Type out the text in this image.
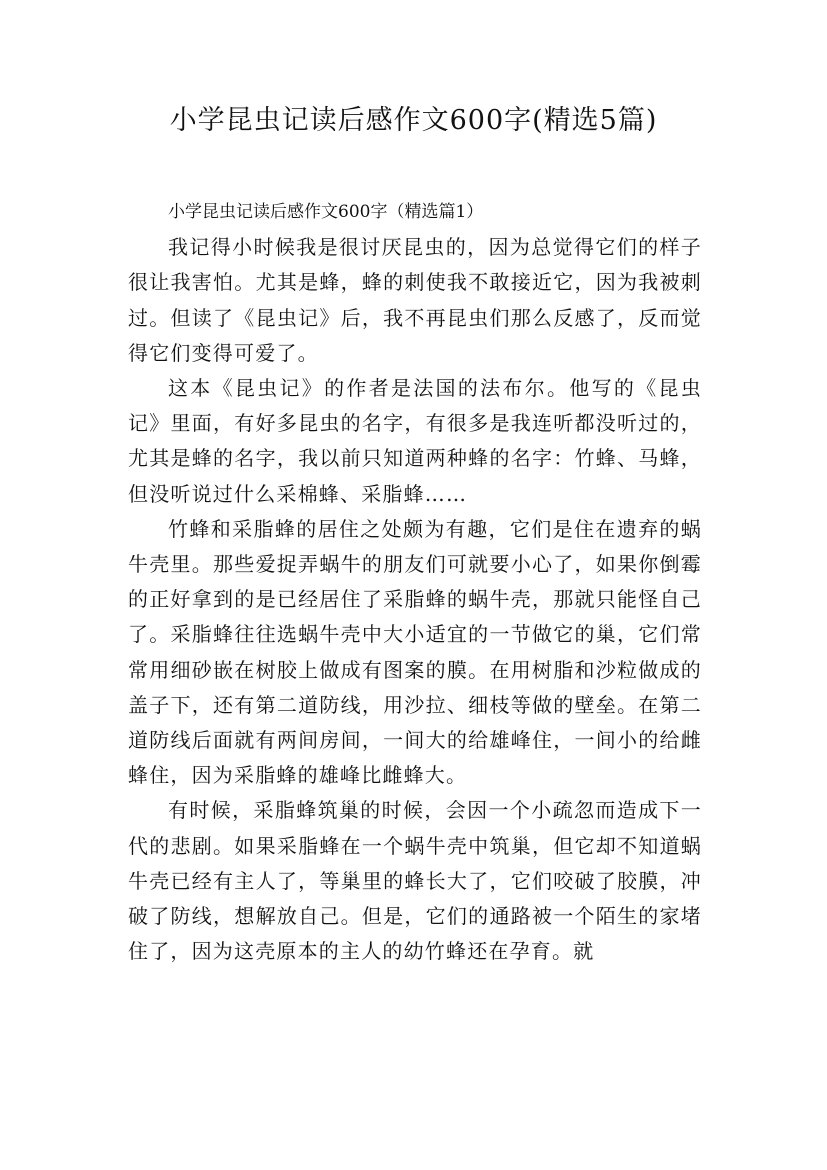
小学昆虫记读后感作文600字(精选5篇)
小学昆虫记读后感作文600字（精选篇1）

我记得小时候我是很讨厌昆虫的，因为总觉得它们的样子很让我害怕。尤其是蜂，蜂的刺使我不敢接近它，因为我被刺过。但读了《昆虫记》后，我不再昆虫们那么反感了，反而觉得它们变得可爱了。

这本《昆虫记》的作者是法国的法布尔。他写的《昆虫记》里面，有好多昆虫的名字，有很多是我连听都没听过的，尤其是蜂的名字，我以前只知道两种蜂的名字：竹蜂、马蜂，但没听说过什么采棉蜂、采脂蜂……

竹蜂和采脂蜂的居住之处颇为有趣，它们是住在遗弃的蜗牛壳里。那些爱捉弄蜗牛的朋友们可就要小心了，如果你倒霉的正好拿到的是已经居住了采脂蜂的蜗牛壳，那就只能怪自己了。采脂蜂往往选蜗牛壳中大小适宜的一节做它的巢，它们常常用细砂嵌在树胶上做成有图案的膜。在用树脂和沙粒做成的盖子下，还有第二道防线，用沙拉、细枝等做的壁垒。在第二道防线后面就有两间房间，一间大的给雄峰住，一间小的给雌蜂住，因为采脂蜂的雄峰比雌蜂大。

有时候，采脂蜂筑巢的时候，会因一个小疏忽而造成下一代的悲剧。如果采脂蜂在一个蜗牛壳中筑巢，但它却不知道蜗牛壳已经有主人了，等巢里的蜂长大了，它们咬破了胶膜，冲破了防线，想解放自己。但是，它们的通路被一个陌生的家堵住了，因为这壳原本的主人的幼竹蜂还在孕育。就
